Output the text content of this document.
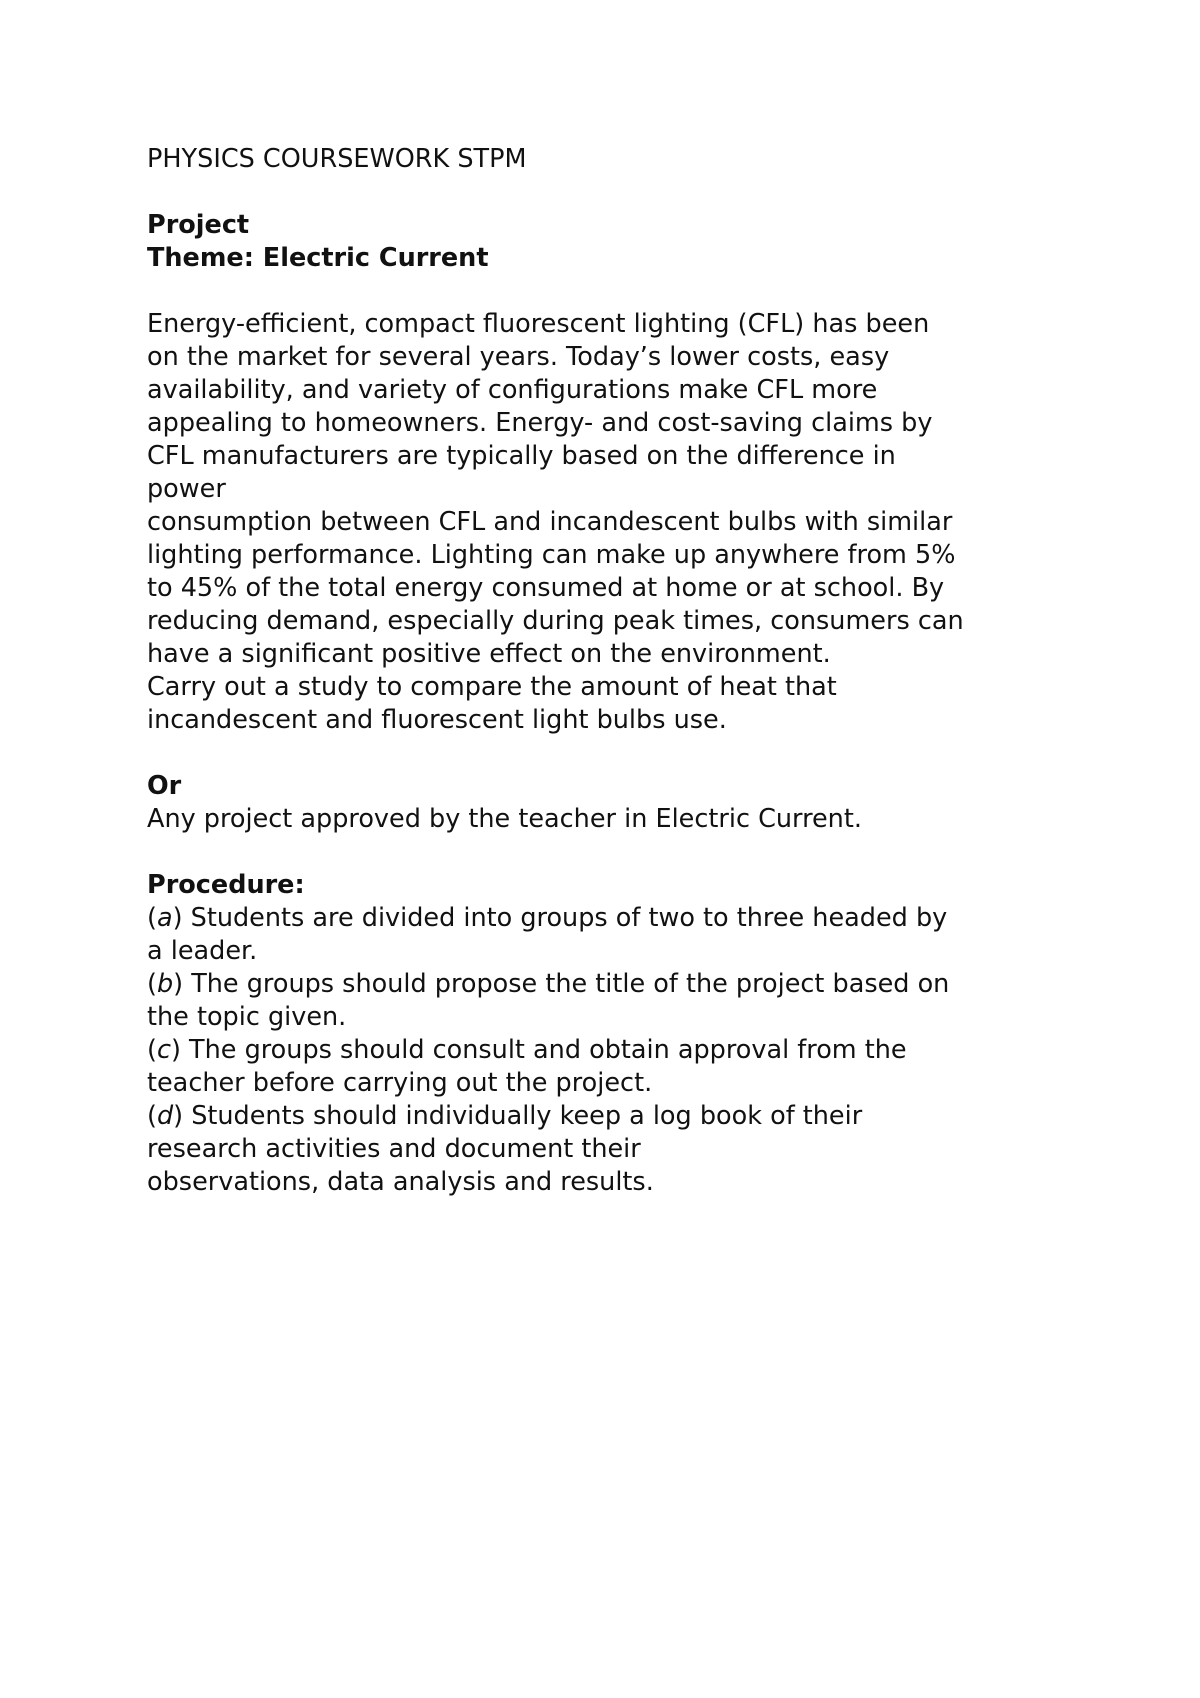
PHYSICS COURSEWORK STPM
Project
Theme: Electric Current
Energy-efficient, compact fluorescent lighting (CFL) has been
on the market for several years. Today’s lower costs, easy
availability, and variety of configurations make CFL more
appealing to homeowners. Energy- and cost-saving claims by
CFL manufacturers are typically based on the difference in
power
consumption between CFL and incandescent bulbs with similar
lighting performance. Lighting can make up anywhere from 5%
to 45% of the total energy consumed at home or at school. By
reducing demand, especially during peak times, consumers can
have a significant positive effect on the environment.
Carry out a study to compare the amount of heat that
incandescent and fluorescent light bulbs use.
Or
Any project approved by the teacher in Electric Current.
Procedure:
(a) Students are divided into groups of two to three headed by
a leader.
(b) The groups should propose the title of the project based on
the topic given.
(c) The groups should consult and obtain approval from the
teacher before carrying out the project.
(d) Students should individually keep a log book of their
research activities and document their
observations, data analysis and results.
